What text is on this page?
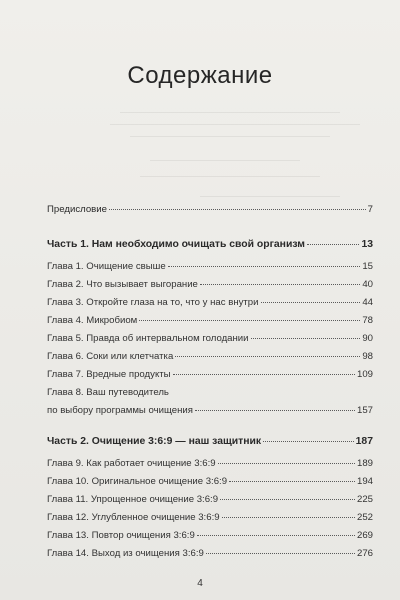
Содержание
Предисловие	7
Часть 1. Нам необходимо очищать свой организм	13
Глава 1. Очищение свыше	15
Глава 2. Что вызывает выгорание	40
Глава 3. Откройте глаза на то, что у нас внутри	44
Глава 4. Микробиом	78
Глава 5. Правда об интервальном голодании	90
Глава 6. Соки или клетчатка	98
Глава 7. Вредные продукты	109
Глава 8. Ваш путеводитель
по выбору программы очищения	157
Часть 2. Очищение 3:6:9 — наш защитник	187
Глава 9. Как работает очищение 3:6:9	189
Глава 10. Оригинальное очищение 3:6:9	194
Глава 11. Упрощенное очищение 3:6:9	225
Глава 12. Углубленное очищение 3:6:9	252
Глава 13. Повтор очищения 3:6:9	269
Глава 14. Выход из очищения 3:6:9	276
4
